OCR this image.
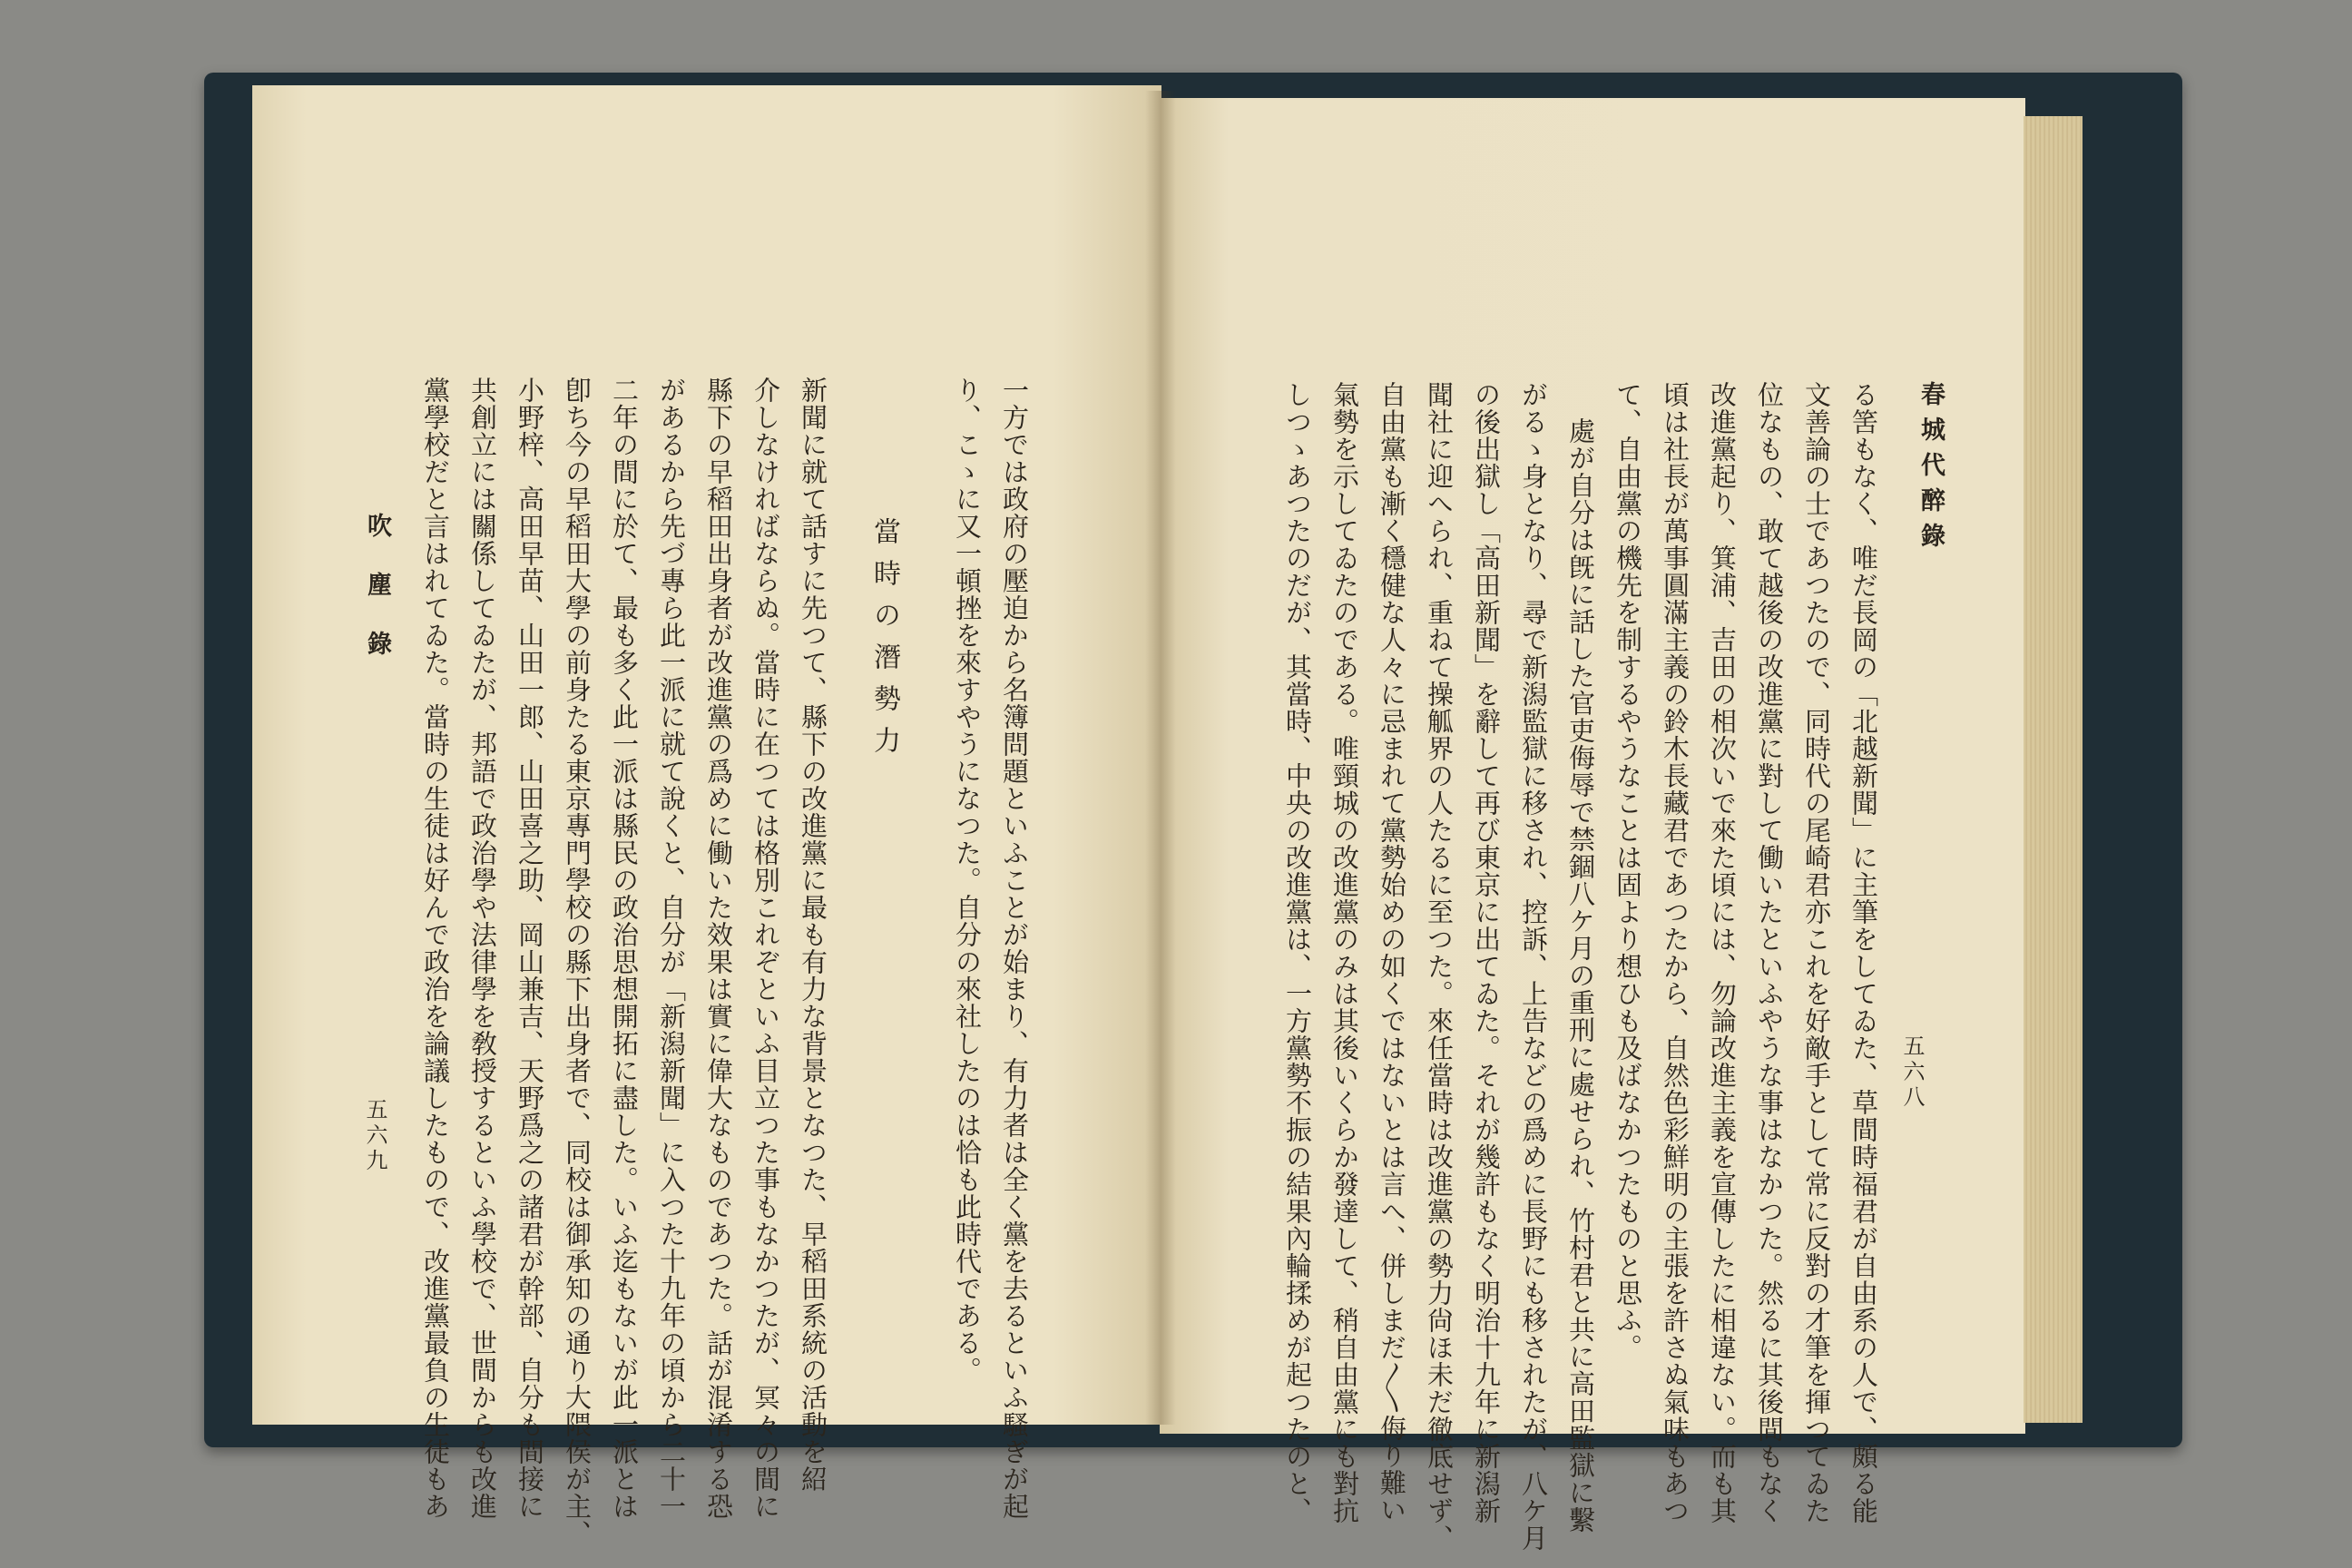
春城代醉錄
五六八
る筈もなく、唯だ長岡の「北越新聞」に主筆をしてゐた、草間時福君が自由系の人で、頗る能
文善論の士であつたので、同時代の尾崎君亦これを好敵手として常に反對の才筆を揮つてゐた
位なもの、敢て越後の改進黨に對して働いたといふやうな事はなかつた。然るに其後間もなく
改進黨起り、箕浦、吉田の相次いで來た頃には、勿論改進主義を宣傳したに相違ない。而も其
頃は社長が萬事圓滿主義の鈴木長藏君であつたから、自然色彩鮮明の主張を許さぬ氣味もあつ
て、自由黨の機先を制するやうなことは固より想ひも及ばなかつたものと思ふ。
處が自分は旣に話した官吏侮辱で禁錮八ケ月の重刑に處せられ、竹村君と共に高田監獄に繫
がるゝ身となり、尋で新潟監獄に移され、控訴、上告などの爲めに長野にも移されたが、八ケ月
の後出獄し「高田新聞」を辭して再び東京に出てゐた。それが幾許もなく明治十九年に新潟新
聞社に迎へられ、重ねて操觚界の人たるに至つた。來任當時は改進黨の勢力尙ほ未だ徹底せず、
自由黨も漸く穩健な人々に忌まれて黨勢始めの如くではないとは言へ、併しまだ〳〵侮り難い
氣勢を示してゐたのである。唯頸城の改進黨のみは其後いくらか發達して、稍自由黨にも對抗
しつゝあつたのだが、其當時、中央の改進黨は、一方黨勢不振の結果內輪揉めが起つたのと、
一方では政府の壓迫から名簿問題といふことが始まり、有力者は全く黨を去るといふ騷ぎが起
り、こゝに又一頓挫を來すやうになつた。自分の來社したのは恰も此時代である。
當時の潛勢力
新聞に就て話すに先つて、縣下の改進黨に最も有力な背景となつた、早稻田系統の活動を紹
介しなければならぬ。當時に在つては格別これぞといふ目立つた事もなかつたが、冥々の間に
縣下の早稻田出身者が改進黨の爲めに働いた效果は實に偉大なものであつた。話が混淆する恐
があるから先づ專ら此一派に就て說くと、自分が「新潟新聞」に入つた十九年の頃から二十一
二年の間に於て、最も多く此一派は縣民の政治思想開拓に盡した。いふ迄もないが此一派とは
卽ち今の早稻田大學の前身たる東京專門學校の縣下出身者で、同校は御承知の通り大隈侯が主、
小野梓、高田早苗、山田一郎、山田喜之助、岡山兼吉、天野爲之の諸君が幹部、自分も間接に
共創立には關係してゐたが、邦語で政治學や法律學を敎授するといふ學校で、世間からも改進
黨學校だと言はれてゐた。當時の生徒は好んで政治を論議したもので、改進黨最負の生徒もあ
吹塵錄
五六九
